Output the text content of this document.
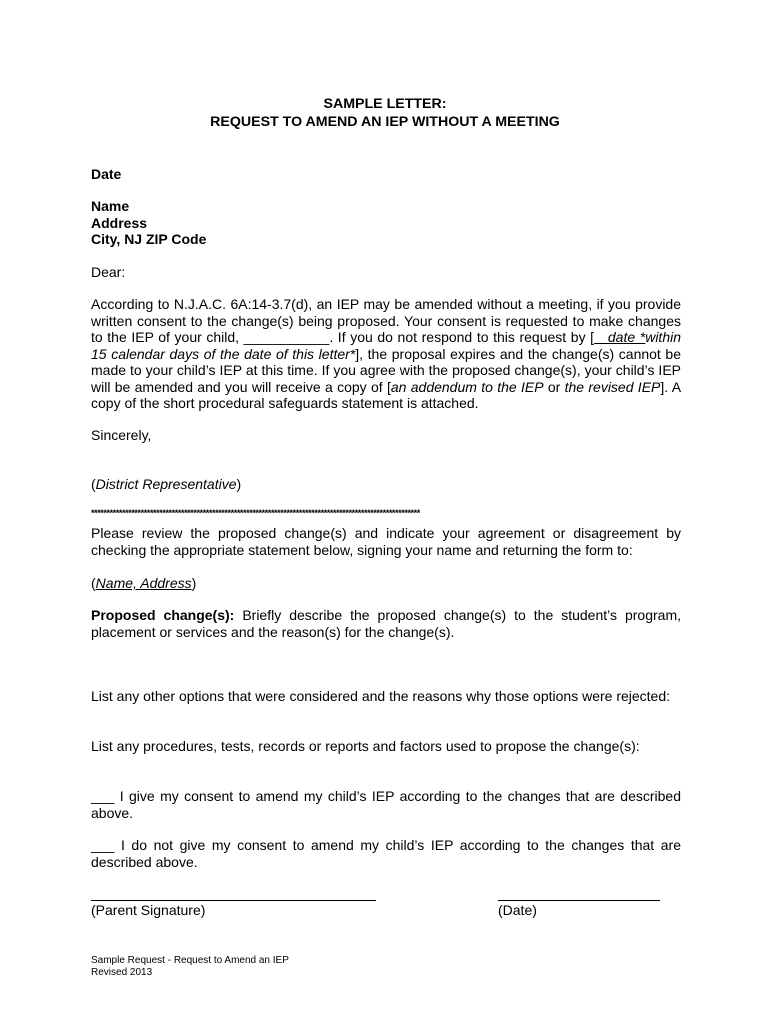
SAMPLE LETTER:
REQUEST TO AMEND AN IEP WITHOUT A MEETING
Date
Name
Address
City, NJ ZIP Code
Dear:
According to N.J.A.C. 6A:14-3.7(d), an IEP may be amended without a meeting, if you provide written consent to the change(s) being proposed. Your consent is requested to make changes to the IEP of your child, ___________. If you do not respond to this request by [   date *within 15 calendar days of the date of this letter*], the proposal expires and the change(s) cannot be made to your child’s IEP at this time. If you agree with the proposed change(s), your child’s IEP will be amended and you will receive a copy of [an addendum to the IEP or the revised IEP]. A copy of the short procedural safeguards statement is attached.
Sincerely,
(District Representative)
**********************************************************************************************************
Please review the proposed change(s) and indicate your agreement or disagreement by checking the appropriate statement below, signing your name and returning the form to:
(Name, Address)
Proposed change(s): Briefly describe the proposed change(s) to the student’s program, placement or services and the reason(s) for the change(s).
List any other options that were considered and the reasons why those options were rejected:
List any procedures, tests, records or reports and factors used to propose the change(s):
___ I give my consent to amend my child’s IEP according to the changes that are described above.
___ I do not give my consent to amend my child’s IEP according to the changes that are described above.
(Parent Signature)	(Date)
Sample Request - Request to Amend an IEP
Revised 2013
